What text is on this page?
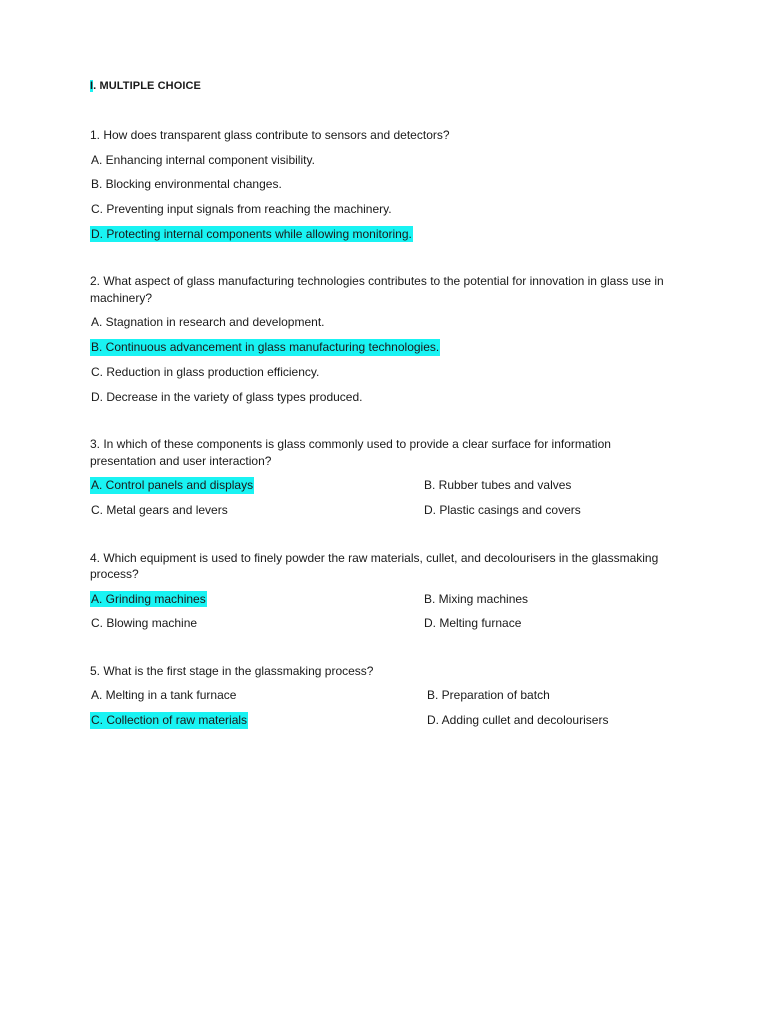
I. MULTIPLE CHOICE
1. How does transparent glass contribute to sensors and detectors?
A. Enhancing internal component visibility.
B. Blocking environmental changes.
C. Preventing input signals from reaching the machinery.
D. Protecting internal components while allowing monitoring.
2. What aspect of glass manufacturing technologies contributes to the potential for innovation in glass use in machinery?
A. Stagnation in research and development.
B. Continuous advancement in glass manufacturing technologies.
C. Reduction in glass production efficiency.
D. Decrease in the variety of glass types produced.
3. In which of these components is glass commonly used to provide a clear surface for information presentation and user interaction?
A. Control panels and displays	B. Rubber tubes and valves
C. Metal gears and levers	D. Plastic casings and covers
4. Which equipment is used to finely powder the raw materials, cullet, and decolourisers in the glassmaking process?
A. Grinding machines	B. Mixing machines
C. Blowing machine	D. Melting furnace
5. What is the first stage in the glassmaking process?
A. Melting in a tank furnace	B. Preparation of batch
C. Collection of raw materials	D. Adding cullet and decolourisers
